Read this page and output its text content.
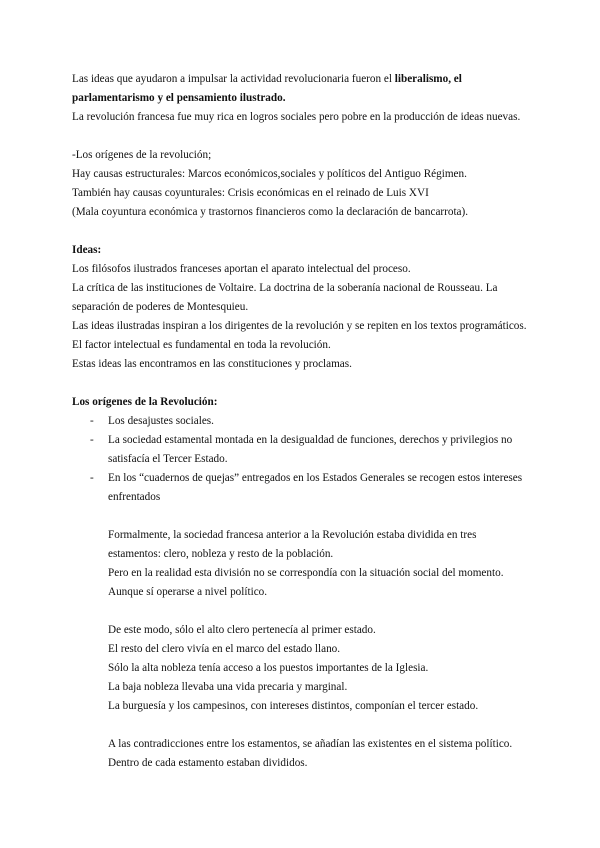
Las ideas que ayudaron a impulsar la actividad revolucionaria fueron el liberalismo, el
parlamentarismo y el pensamiento ilustrado.
La revolución francesa fue muy rica en logros sociales pero pobre en la producción de ideas nuevas.
-Los orígenes de la revolución;
Hay causas estructurales: Marcos económicos,sociales y políticos del Antiguo Régimen.
También hay causas coyunturales: Crisis económicas en el reinado de Luis XVI
(Mala coyuntura económica y trastornos financieros como la declaración de bancarrota).
Ideas:
Los filósofos ilustrados franceses aportan el aparato intelectual del proceso.
La crítica de las instituciones de Voltaire. La doctrina de la soberanía nacional de Rousseau. La
separación de poderes de Montesquieu.
Las ideas ilustradas inspiran a los dirigentes de la revolución y se repiten en los textos programáticos.
El factor intelectual es fundamental en toda la revolución.
Estas ideas las encontramos en las constituciones y proclamas.
Los orígenes de la Revolución:
- Los desajustes sociales.
- La sociedad estamental montada en la desigualdad de funciones, derechos y privilegios no
satisfacía el Tercer Estado.
- En los “cuadernos de quejas” entregados en los Estados Generales se recogen estos intereses
enfrentados
Formalmente, la sociedad francesa anterior a la Revolución estaba dividida en tres
estamentos: clero, nobleza y resto de la población.
Pero en la realidad esta división no se correspondía con la situación social del momento.
Aunque sí operarse a nivel político.
De este modo, sólo el alto clero pertenecía al primer estado.
El resto del clero vivía en el marco del estado llano.
Sólo la alta nobleza tenía acceso a los puestos importantes de la Iglesia.
La baja nobleza llevaba una vida precaria y marginal.
La burguesía y los campesinos, con intereses distintos, componían el tercer estado.
A las contradicciones entre los estamentos, se añadían las existentes en el sistema político.
Dentro de cada estamento estaban divididos.
